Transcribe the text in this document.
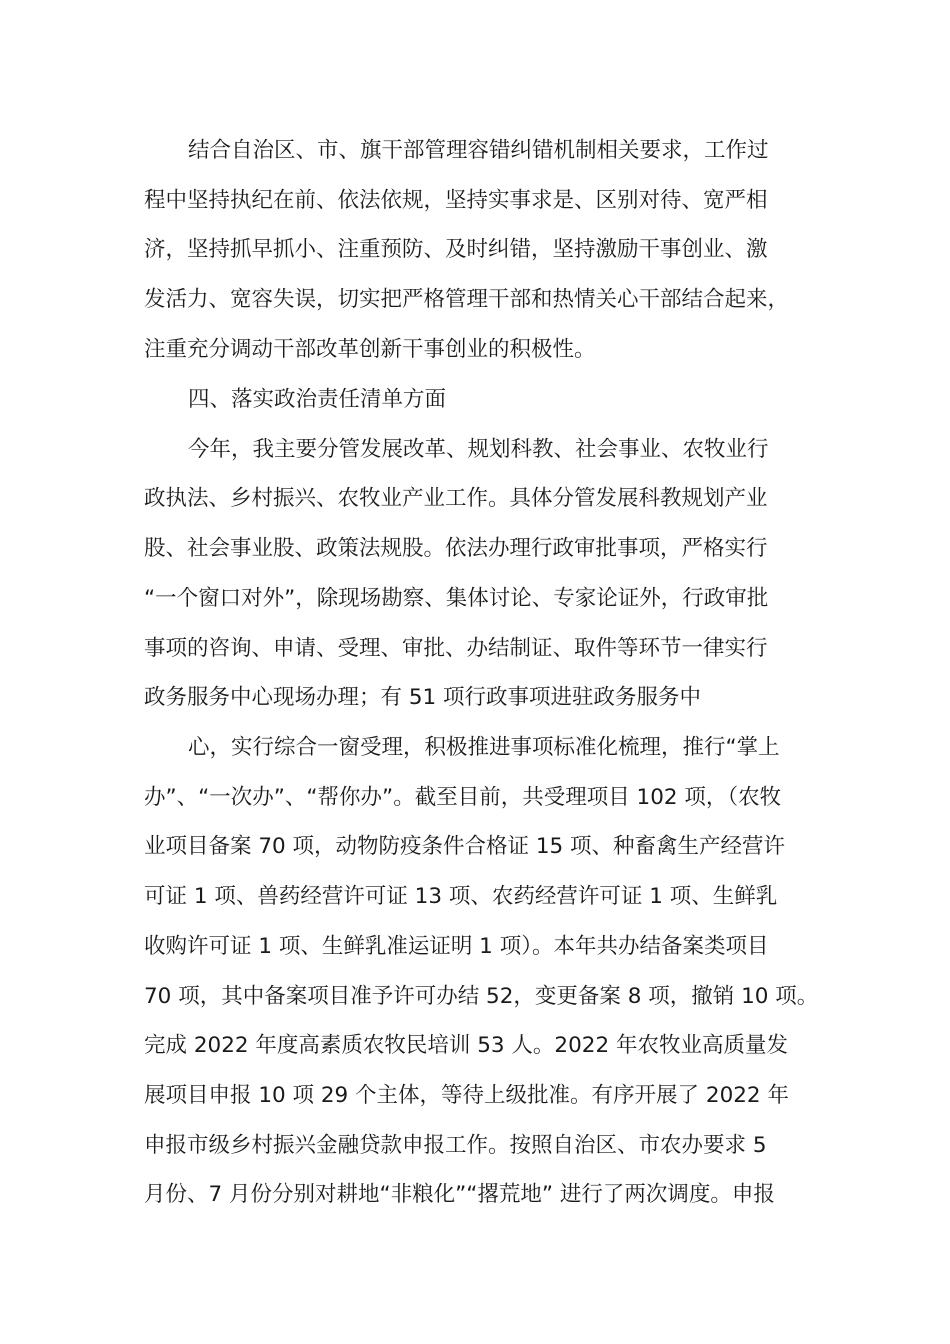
结合自治区、市、旗干部管理容错纠错机制相关要求，工作过
程中坚持执纪在前、依法依规，坚持实事求是、区别对待、宽严相
济，坚持抓早抓小、注重预防、及时纠错，坚持激励干事创业、激
发活力、宽容失误，切实把严格管理干部和热情关心干部结合起来，
注重充分调动干部改革创新干事创业的积极性。
四、落实政治责任清单方面
今年，我主要分管发展改革、规划科教、社会事业、农牧业行
政执法、乡村振兴、农牧业产业工作。具体分管发展科教规划产业
股、社会事业股、政策法规股。依法办理行政审批事项，严格实行
“一个窗口对外”，除现场勘察、集体讨论、专家论证外，行政审批
事项的咨询、申请、受理、审批、办结制证、取件等环节一律实行
政务服务中心现场办理；有 51 项行政事项进驻政务服务中
心，实行综合一窗受理，积极推进事项标准化梳理，推行“掌上
办”、“一次办”、“帮你办”。截至目前，共受理项目 102 项，（农牧
业项目备案 70 项，动物防疫条件合格证 15 项、种畜禽生产经营许
可证 1 项、兽药经营许可证 13 项、农药经营许可证 1 项、生鲜乳
收购许可证 1 项、生鲜乳准运证明 1 项）。本年共办结备案类项目
70 项，其中备案项目准予许可办结 52，变更备案 8 项，撤销 10 项。
完成 2022 年度高素质农牧民培训 53 人。2022 年农牧业高质量发
展项目申报 10 项 29 个主体，等待上级批准。有序开展了 2022 年
申报市级乡村振兴金融贷款申报工作。按照自治区、市农办要求 5
月份、7 月份分别对耕地“非粮化”“撂荒地” 进行了两次调度。申报
